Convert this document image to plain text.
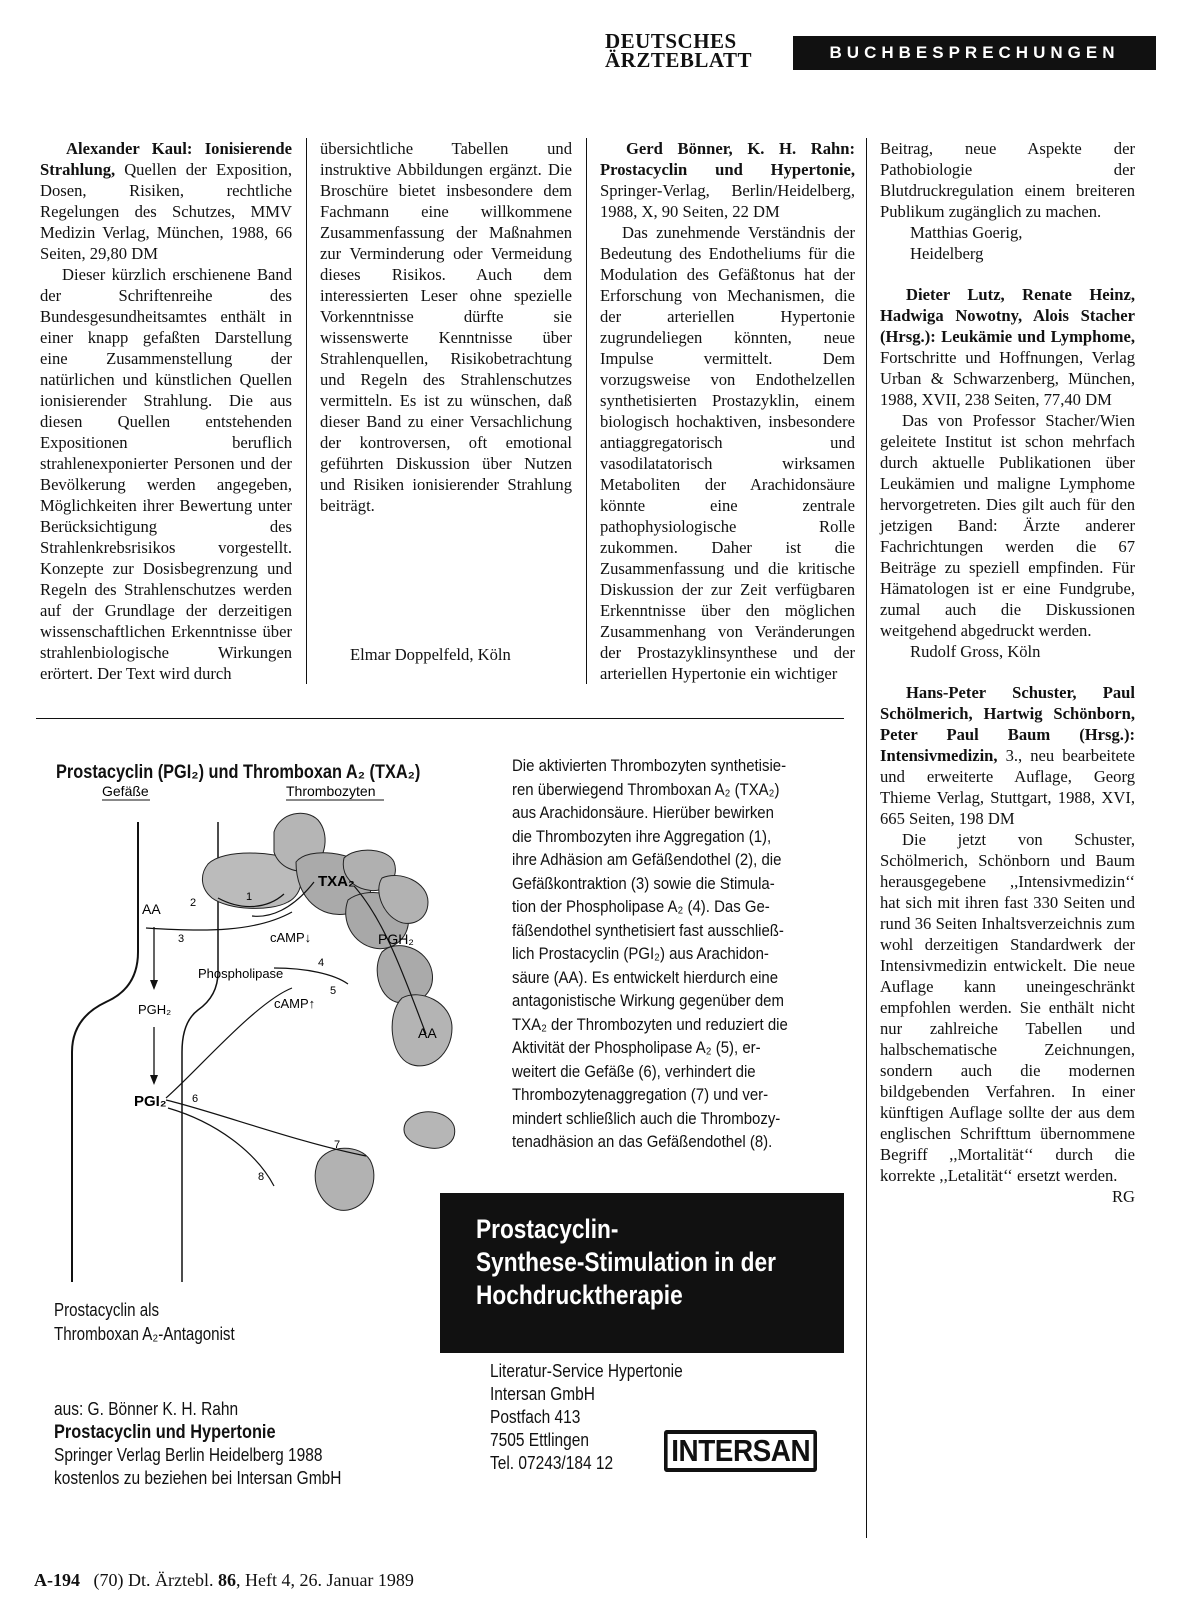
DEUTSCHES
ÄRZTEBLATT	BUCHBESPRECHUNGEN

Alexander Kaul: Ionisierende Strahlung, Quellen der Exposition, Dosen, Risiken, rechtliche Regelungen des Schutzes, MMV Medizin Verlag, München, 1988, 66 Seiten, 29,80 DM

Dieser kürzlich erschienene Band der Schriftenreihe des Bundesgesundheitsamtes enthält in einer knapp gefaßten Darstellung eine Zusammenstellung der natürlichen und künstlichen Quellen ionisierender Strahlung. Die aus diesen Quellen entstehenden Expositionen beruflich strahlenexponierter Personen und der Bevölkerung werden angegeben, Möglichkeiten ihrer Bewertung unter Berücksichtigung des Strahlenkrebsrisikos vorgestellt. Konzepte zur Dosisbegrenzung und Regeln des Strahlenschutzes werden auf der Grundlage der derzeitigen wissenschaftlichen Erkenntnisse über strahlenbiologische Wirkungen erörtert. Der Text wird durch

übersichtliche Tabellen und instruktive Abbildungen ergänzt. Die Broschüre bietet insbesondere dem Fachmann eine willkommene Zusammenfassung der Maßnahmen zur Verminderung oder Vermeidung dieses Risikos. Auch dem interessierten Leser ohne spezielle Vorkenntnisse dürfte sie wissenswerte Kenntnisse über Strahlenquellen, Risikobetrachtung und Regeln des Strahlenschutzes vermitteln. Es ist zu wünschen, daß dieser Band zu einer Versachlichung der kontroversen, oft emotional geführten Diskussion über Nutzen und Risiken ionisierender Strahlung beiträgt.

Elmar Doppelfeld, Köln

Gerd Bönner, K. H. Rahn: Prostacyclin und Hypertonie, Springer-Verlag, Berlin/Heidelberg, 1988, X, 90 Seiten, 22 DM

Das zunehmende Verständnis der Bedeutung des Endotheliums für die Modulation des Gefäßtonus hat der Erforschung von Mechanismen, die der arteriellen Hypertonie zugrundeliegen könnten, neue Impulse vermittelt. Dem vorzugsweise von Endothelzellen synthetisierten Prostazyklin, einem biologisch hochaktiven, insbesondere antiaggregatorisch und vasodilatatorisch wirksamen Metaboliten der Arachidonsäure könnte eine zentrale pathophysiologische Rolle zukommen. Daher ist die Zusammenfassung und die kritische Diskussion der zur Zeit verfügbaren Erkenntnisse über den möglichen Zusammenhang von Veränderungen der Prostazyklinsynthese und der arteriellen Hypertonie ein wichtiger

Beitrag, neue Aspekte der Pathobiologie der Blutdruckregulation einem breiteren Publikum zugänglich zu machen.

Matthias Goerig,

Heidelberg

Dieter Lutz, Renate Heinz, Hadwiga Nowotny, Alois Stacher (Hrsg.): Leukämie und Lymphome, Fortschritte und Hoffnungen, Verlag Urban & Schwarzenberg, München, 1988, XVII, 238 Seiten, 77,40 DM

Das von Professor Stacher/Wien geleitete Institut ist schon mehrfach durch aktuelle Publikationen über Leukämien und maligne Lymphome hervorgetreten. Dies gilt auch für den jetzigen Band: Ärzte anderer Fachrichtungen werden die 67 Beiträge zu speziell empfinden. Für Hämatologen ist er eine Fundgrube, zumal auch die Diskussionen weitgehend abgedruckt werden.

Rudolf Gross, Köln

Hans-Peter Schuster, Paul Schölmerich, Hartwig Schönborn, Peter Paul Baum (Hrsg.): Intensivmedizin, 3., neu bearbeitete und erweiterte Auflage, Georg Thieme Verlag, Stuttgart, 1988, XVI, 665 Seiten, 198 DM

Die jetzt von Schuster, Schölmerich, Schönborn und Baum herausgegebene ,,Intensivmedizin‘‘ hat sich mit ihren fast 330 Seiten und rund 36 Seiten Inhaltsverzeichnis zum wohl derzeitigen Standardwerk der Intensivmedizin entwickelt. Die neue Auflage kann uneingeschränkt empfohlen werden. Sie enthält nicht nur zahlreiche Tabellen und halbschematische Zeichnungen, sondern auch die modernen bildgebenden Verfahren. In einer künftigen Auflage sollte der aus dem englischen Schrifttum übernommene Begriff ,,Mortalität‘‘ durch die korrekte ,,Letalität‘‘ ersetzt werden.

RG

Prostacyclin (PGI₂) und Thromboxan A₂ (TXA₂)
Gefäße	Thrombozyten
AA
PGH₂
PGI₂
TXA₂
PGH₂
AA
cAMP↓
Phospholipase
cAMP↑
1
2
3
4
5
6
7
8

Die aktivierten Thrombozyten synthetisie-

ren überwiegend Thromboxan A₂ (TXA₂)

aus Arachidonsäure. Hierüber bewirken

die Thrombozyten ihre Aggregation (1),

ihre Adhäsion am Gefäßendothel (2), die

Gefäßkontraktion (3) sowie die Stimula-

tion der Phospholipase A₂ (4). Das Ge-

fäßendothel synthetisiert fast ausschließ-

lich Prostacyclin (PGI₂) aus Arachidon-

säure (AA). Es entwickelt hierdurch eine

antagonistische Wirkung gegenüber dem

TXA₂ der Thrombozyten und reduziert die

Aktivität der Phospholipase A₂ (5), er-

weitert die Gefäße (6), verhindert die

Thrombozytenaggregation (7) und ver-

mindert schließlich auch die Thrombozy-

tenadhäsion an das Gefäßendothel (8).

Prostacyclin-
Synthese-Stimulation in der
Hochdrucktherapie
Prostacyclin als
Thromboxan A₂-Antagonist
aus: G. Bönner K. H. Rahn
Prostacyclin und Hypertonie
Springer Verlag Berlin Heidelberg 1988
kostenlos zu beziehen bei Intersan GmbH
Literatur-Service Hypertonie
Intersan GmbH
Postfach 413
7505 Ettlingen
Tel. 07243/184 12	INTERSAN
A-194 (70) Dt. Ärztebl. 86, Heft 4, 26. Januar 1989
